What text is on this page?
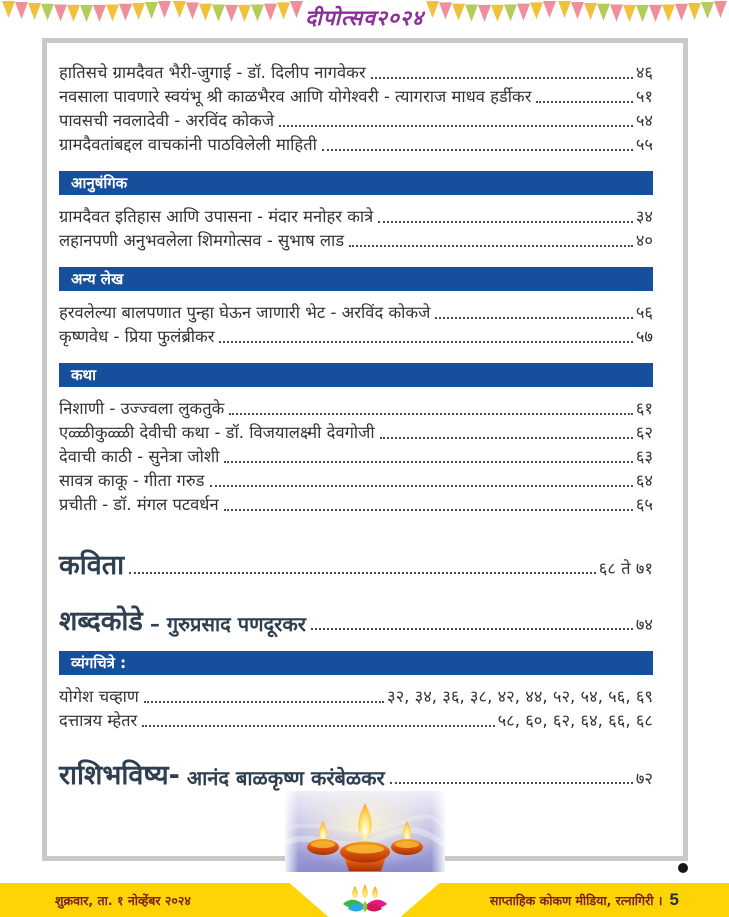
दीपोत्सव२०२४
हातिसचे ग्रामदैवत भैरी-जुगाई - डॉ. दिलीप नागवेकर	४६
नवसाला पावणारे स्वयंभू श्री काळभैरव आणि योगेश्वरी - त्यागराज माधव हर्डीकर	५१
पावसची नवलादेवी - अरविंद कोकजे	५४
ग्रामदैवतांबद्दल वाचकांनी पाठविलेली माहिती	५५
आनुषंगिक
ग्रामदैवत इतिहास आणि उपासना - मंदार मनोहर कात्रे	३४
लहानपणी अनुभवलेला शिमगोत्सव - सुभाष लाड	४०
अन्य लेख
हरवलेल्या बालपणात पुन्हा घेऊन जाणारी भेट - अरविंद कोकजे	५६
कृष्णवेध - प्रिया फुलंब्रीकर	५७
कथा
निशाणी - उज्ज्वला लुकतुके	६१
एळ्ळीकुळ्ळी देवीची कथा - डॉ. विजयालक्ष्मी देवगोजी	६२
देवाची काठी - सुनेत्रा जोशी	६३
सावत्र काकू - गीता गरुड	६४
प्रचीती - डॉ. मंगल पटवर्धन	६५
कविता	६८ ते ७१
शब्दकोडे – गुरुप्रसाद पणदूरकर	७४
व्यंगचित्रे :
योगेश चव्हाण	३२, ३४, ३६, ३८, ४२, ४४, ५२, ५४, ५६, ६९
दत्तात्रय म्हेतर	५८, ६०, ६२, ६४, ६६, ६८
राशिभविष्य- आनंद बाळकृष्ण करंबेळकर	७२
शुक्रवार, ता. १ नोव्हेंबर २०२४	साप्ताहिक कोकण मीडिया, रत्नागिरी । 5
